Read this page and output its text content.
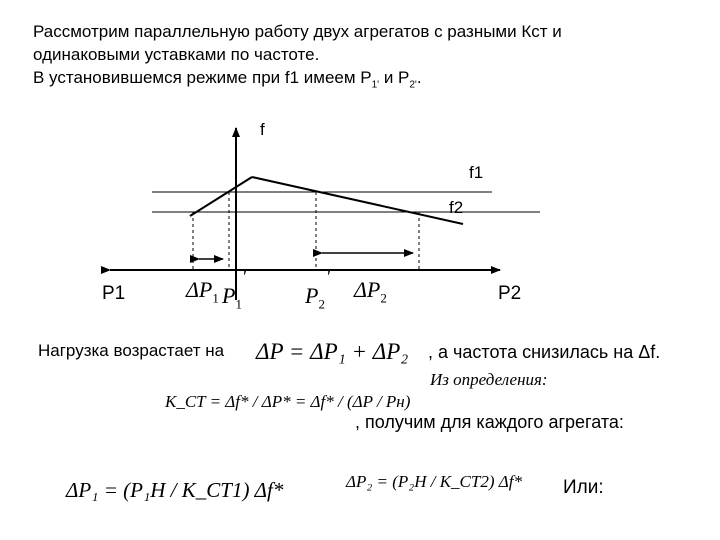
Рассмотрим параллельную работу двух агрегатов с разными Кст и
одинаковыми уставками по частоте.
В установившемся режиме при f1 имеем $Р_{1'}$ и $Р_{2'}$.
f
f1
f2
P1	P2
$\Delta P_1$ $P_1$
′
$P_2$
′ $\Delta P_2$
Нагрузка возрастает на ΔP = ΔP₁ + ΔP₂ , а частота снизилась на Δf.
Из определения:
K_CT = Δf* / ΔP* = Δf* / (ΔP / Pн)
, получим для каждого агрегата:
ΔP₁ = (P₁Н / K_CT1) Δf*	ΔP₂ = (P₂Н / K_CT2) Δf* Или:
